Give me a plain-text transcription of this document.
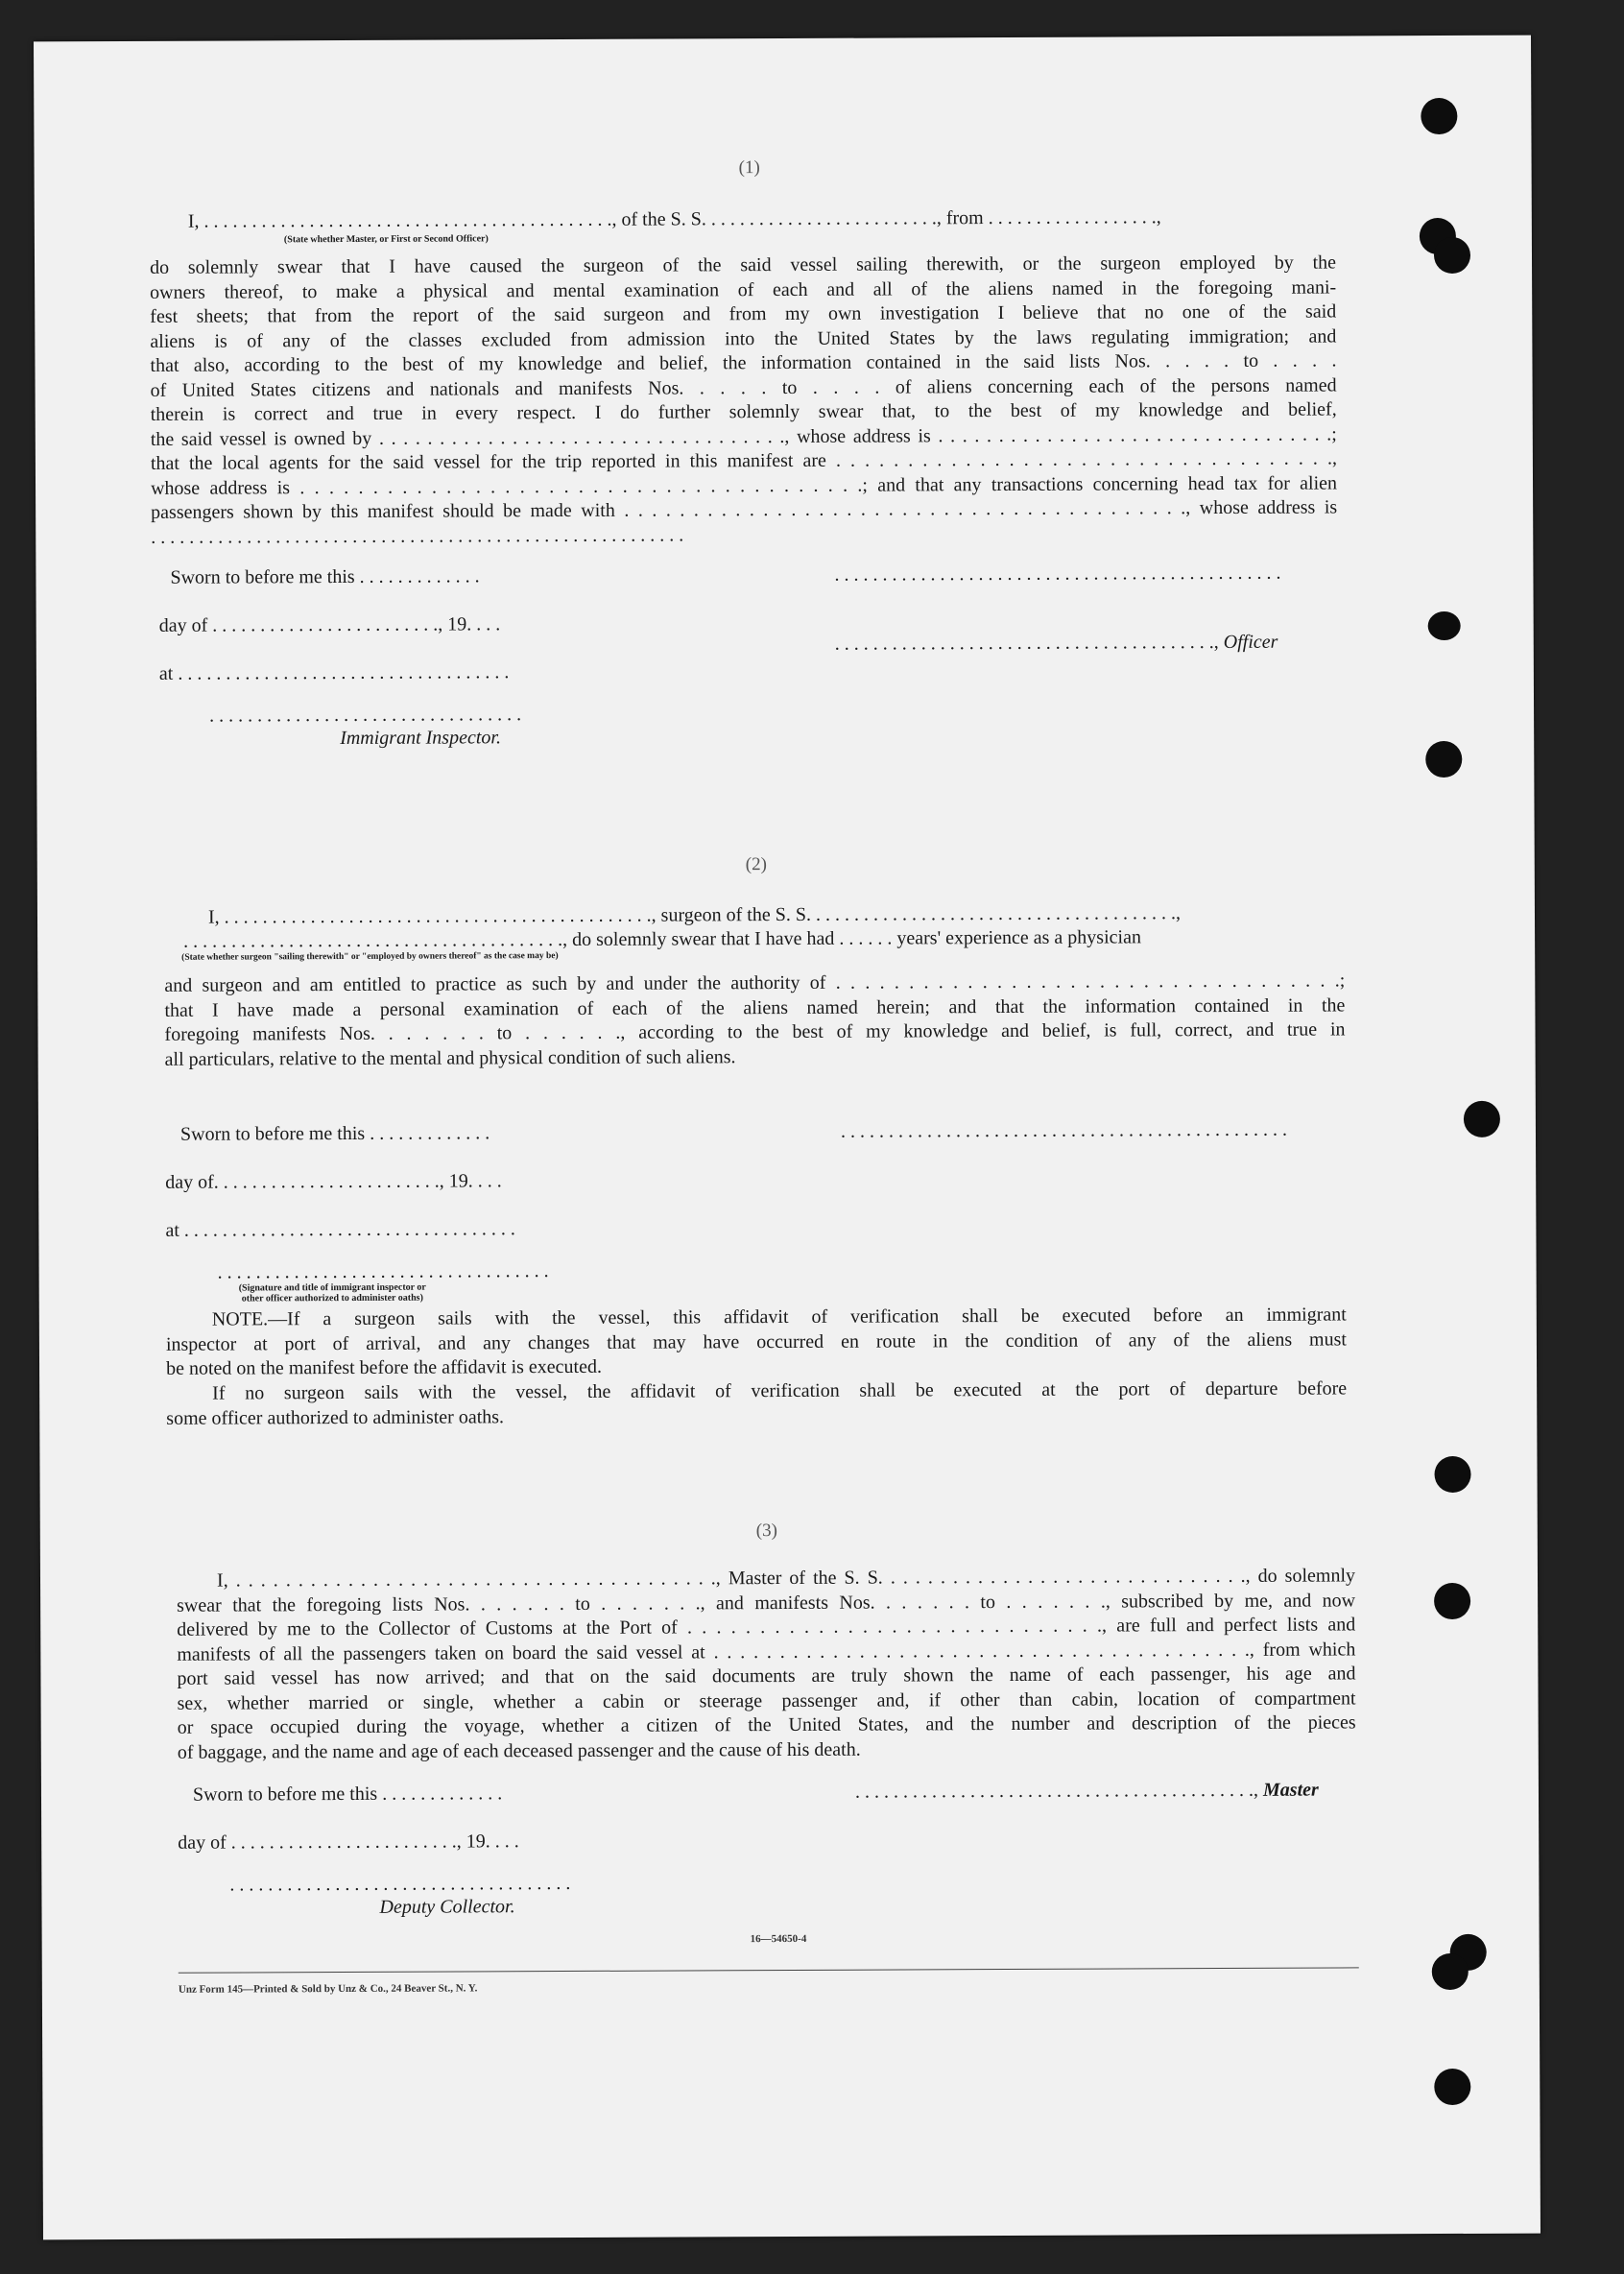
(1)
I, . . . . . . . . . . . . . . . . . . . . . . . . . . . . . . . . . . . . . . . . . . ., of the S. S. . . . . . . . . . . . . . . . . . . . . . . . ., from . . . . . . . . . . . . . . . . . .,
(State whether Master, or First or Second Officer)
do solemnly swear that I have caused the surgeon of the said vessel sailing therewith, or the surgeon employed by the
owners thereof, to make a physical and mental examination of each and all of the aliens named in the foregoing mani-
fest sheets; that from the report of the said surgeon and from my own investigation I believe that no one of the said
aliens is of any of the classes excluded from admission into the United States by the laws regulating immigration; and
that also, according to the best of my knowledge and belief, the information contained in the said lists Nos. . . . . to . . . .
of United States citizens and nationals and manifests Nos. . . . . to . . . . of aliens concerning each of the persons named
therein is correct and true in every respect. I do further solemnly swear that, to the best of my knowledge and belief,
the said vessel is owned by . . . . . . . . . . . . . . . . . . . . . . . . . . . . . . . . . ., whose address is . . . . . . . . . . . . . . . . . . . . . . . . . . . . . . . . .;
that the local agents for the said vessel for the trip reported in this manifest are . . . . . . . . . . . . . . . . . . . . . . . . . . . . . . . . . . .,
whose address is . . . . . . . . . . . . . . . . . . . . . . . . . . . . . . . . . . . . . . .; and that any transactions concerning head tax for alien
passengers shown by this manifest should be made with . . . . . . . . . . . . . . . . . . . . . . . . . . . . . . . . . . . . . . . . ., whose address is
. . . . . . . . . . . . . . . . . . . . . . . . . . . . . . . . . . . . . . . . . . . . . . . . . . . . . . . .
Sworn to before me this . . . . . . . . . . . . .	. . . . . . . . . . . . . . . . . . . . . . . . . . . . . . . . . . . . . . . . . . . . . . .
day of . . . . . . . . . . . . . . . . . . . . . . . ., 19. . . .
. . . . . . . . . . . . . . . . . . . . . . . . . . . . . . . . . . . . . . . ., Officer
at . . . . . . . . . . . . . . . . . . . . . . . . . . . . . . . . . . .
. . . . . . . . . . . . . . . . . . . . . . . . . . . . . . . . .
Immigrant Inspector.
(2)
I, . . . . . . . . . . . . . . . . . . . . . . . . . . . . . . . . . . . . . . . . . . . . ., surgeon of the S. S. . . . . . . . . . . . . . . . . . . . . . . . . . . . . . . . . . . . . . .,
. . . . . . . . . . . . . . . . . . . . . . . . . . . . . . . . . . . . . . . ., do solemnly swear that I have had . . . . . . years' experience as a physician
(State whether surgeon "sailing therewith" or "employed by owners thereof" as the case may be)
and surgeon and am entitled to practice as such by and under the authority of . . . . . . . . . . . . . . . . . . . . . . . . . . . . . . . . . . .;
that I have made a personal examination of each of the aliens named herein; and that the information contained in the
foregoing manifests Nos. . . . . . . to . . . . . ., according to the best of my knowledge and belief, is full, correct, and true in
all particulars, relative to the mental and physical condition of such aliens.
Sworn to before me this . . . . . . . . . . . . .	. . . . . . . . . . . . . . . . . . . . . . . . . . . . . . . . . . . . . . . . . . . . . . .
day of. . . . . . . . . . . . . . . . . . . . . . . ., 19. . . .
at . . . . . . . . . . . . . . . . . . . . . . . . . . . . . . . . . . .
. . . . . . . . . . . . . . . . . . . . . . . . . . . . . . . . . . .
(Signature and title of immigrant inspector or
other officer authorized to administer oaths)
NOTE.—If a surgeon sails with the vessel, this affidavit of verification shall be executed before an immigrant
inspector at port of arrival, and any changes that may have occurred en route in the condition of any of the aliens must
be noted on the manifest before the affidavit is executed.
If no surgeon sails with the vessel, the affidavit of verification shall be executed at the port of departure before
some officer authorized to administer oaths.
(3)
I, . . . . . . . . . . . . . . . . . . . . . . . . . . . . . . . . . . . . . . ., Master of the S. S. . . . . . . . . . . . . . . . . . . . . . . . . . . . . ., do solemnly
swear that the foregoing lists Nos. . . . . . . to . . . . . . ., and manifests Nos. . . . . . . to . . . . . . ., subscribed by me, and now
delivered by me to the Collector of Customs at the Port of . . . . . . . . . . . . . . . . . . . . . . . . . . . . ., are full and perfect lists and
manifests of all the passengers taken on board the said vessel at . . . . . . . . . . . . . . . . . . . . . . . . . . . . . . . . . . . . . . . . ., from which
port said vessel has now arrived; and that on the said documents are truly shown the name of each passenger, his age and
sex, whether married or single, whether a cabin or steerage passenger and, if other than cabin, location of compartment
or space occupied during the voyage, whether a citizen of the United States, and the number and description of the pieces
of baggage, and the name and age of each deceased passenger and the cause of his death.
Sworn to before me this . . . . . . . . . . . . .	. . . . . . . . . . . . . . . . . . . . . . . . . . . . . . . . . . . . . . . . . ., Master
day of . . . . . . . . . . . . . . . . . . . . . . . ., 19. . . .
. . . . . . . . . . . . . . . . . . . . . . . . . . . . . . . . . . . .
Deputy Collector.
16—54650-4
Unz Form 145—Printed & Sold by Unz & Co., 24 Beaver St., N. Y.
